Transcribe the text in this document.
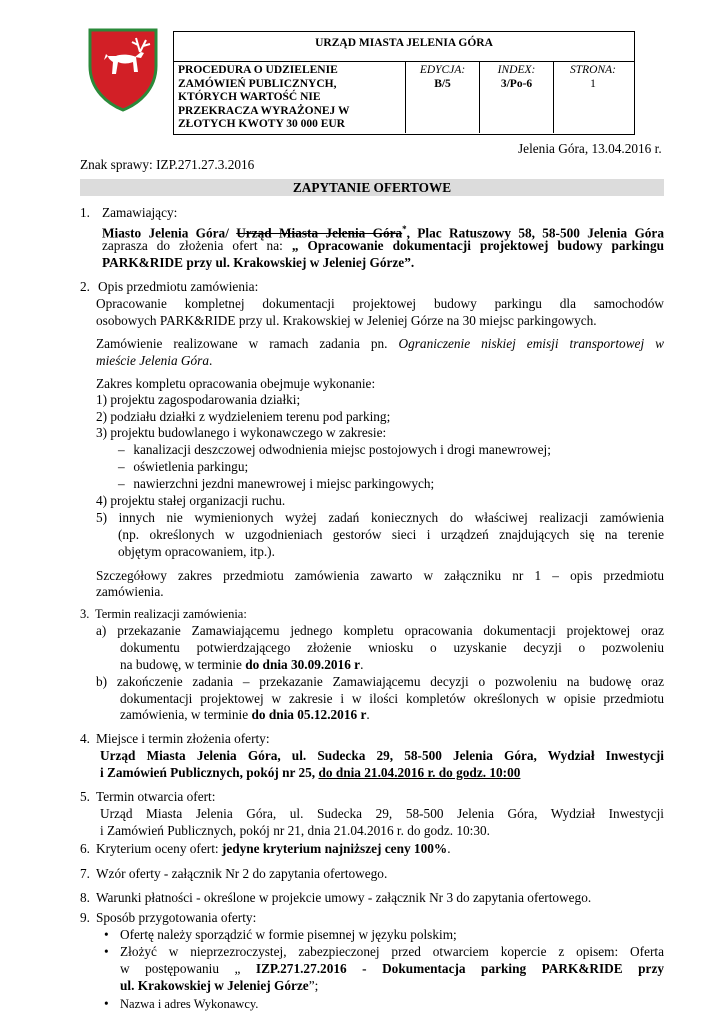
URZĄD MIASTA JELENIA GÓRA
PROCEDURA O UDZIELENIE
ZAMÓWIEŃ PUBLICZNYCH,
KTÓRYCH WARTOŚĆ NIE
PRZEKRACZA WYRAŻONEJ W
ZŁOTYCH KWOTY 30 000 EUR
EDYCJA:
B/5
INDEX:
3/Po-6
STRONA:
1
Jelenia Góra, 13.04.2016 r.
Znak sprawy: IZP.271.27.3.2016
ZAPYTANIE OFERTOWE
1. Zamawiający:
Miasto Jelenia Góra/ Urząd Miasta Jelenia Góra*, Plac Ratuszowy 58, 58-500 Jelenia Góra
zaprasza do złożenia ofert na: „ Opracowanie dokumentacji projektowej budowy parkingu
PARK&RIDE przy ul. Krakowskiej w Jeleniej Górze”.
2. Opis przedmiotu zamówienia:
Opracowanie kompletnej dokumentacji projektowej budowy parkingu dla samochodów
osobowych PARK&RIDE przy ul. Krakowskiej w Jeleniej Górze na 30 miejsc parkingowych.
Zamówienie realizowane w ramach zadania pn. Ograniczenie niskiej emisji transportowej w
mieście Jelenia Góra.
Zakres kompletu opracowania obejmuje wykonanie:
1) projektu zagospodarowania działki;
2) podziału działki z wydzieleniem terenu pod parking;
3) projektu budowlanego i wykonawczego w zakresie:
– kanalizacji deszczowej odwodnienia miejsc postojowych i drogi manewrowej;
– oświetlenia parkingu;
– nawierzchni jezdni manewrowej i miejsc parkingowych;
4) projektu stałej organizacji ruchu.
5) innych nie wymienionych wyżej zadań koniecznych do właściwej realizacji zamówienia
(np. określonych w uzgodnieniach gestorów sieci i urządzeń znajdujących się na terenie
objętym opracowaniem, itp.).
Szczegółowy zakres przedmiotu zamówienia zawarto w załączniku nr 1 – opis przedmiotu
zamówienia.
3. Termin realizacji zamówienia:
a) przekazanie Zamawiającemu jednego kompletu opracowania dokumentacji projektowej oraz
dokumentu potwierdzającego złożenie wniosku o uzyskanie decyzji o pozwoleniu
na budowę, w terminie do dnia 30.09.2016 r.
b) zakończenie zadania – przekazanie Zamawiającemu decyzji o pozwoleniu na budowę oraz
dokumentacji projektowej w zakresie i w ilości kompletów określonych w opisie przedmiotu
zamówienia, w terminie do dnia 05.12.2016 r.
4. Miejsce i termin złożenia oferty:
Urząd Miasta Jelenia Góra, ul. Sudecka 29, 58-500 Jelenia Góra, Wydział Inwestycji
i Zamówień Publicznych, pokój nr 25, do dnia 21.04.2016 r. do godz. 10:00
5. Termin otwarcia ofert:
Urząd Miasta Jelenia Góra, ul. Sudecka 29, 58-500 Jelenia Góra, Wydział Inwestycji
i Zamówień Publicznych, pokój nr 21, dnia 21.04.2016 r. do godz. 10:30.
6. Kryterium oceny ofert: jedyne kryterium najniższej ceny 100%.
7. Wzór oferty - załącznik Nr 2 do zapytania ofertowego.
8. Warunki płatności - określone w projekcie umowy - załącznik Nr 3 do zapytania ofertowego.
9. Sposób przygotowania oferty:
• Ofertę należy sporządzić w formie pisemnej w języku polskim;
• Złożyć w nieprzezroczystej, zabezpieczonej przed otwarciem kopercie z opisem: Oferta
w postępowaniu „ IZP.271.27.2016 - Dokumentacja parking PARK&RIDE przy
ul. Krakowskiej w Jeleniej Górze”;
• Nazwa i adres Wykonawcy.
